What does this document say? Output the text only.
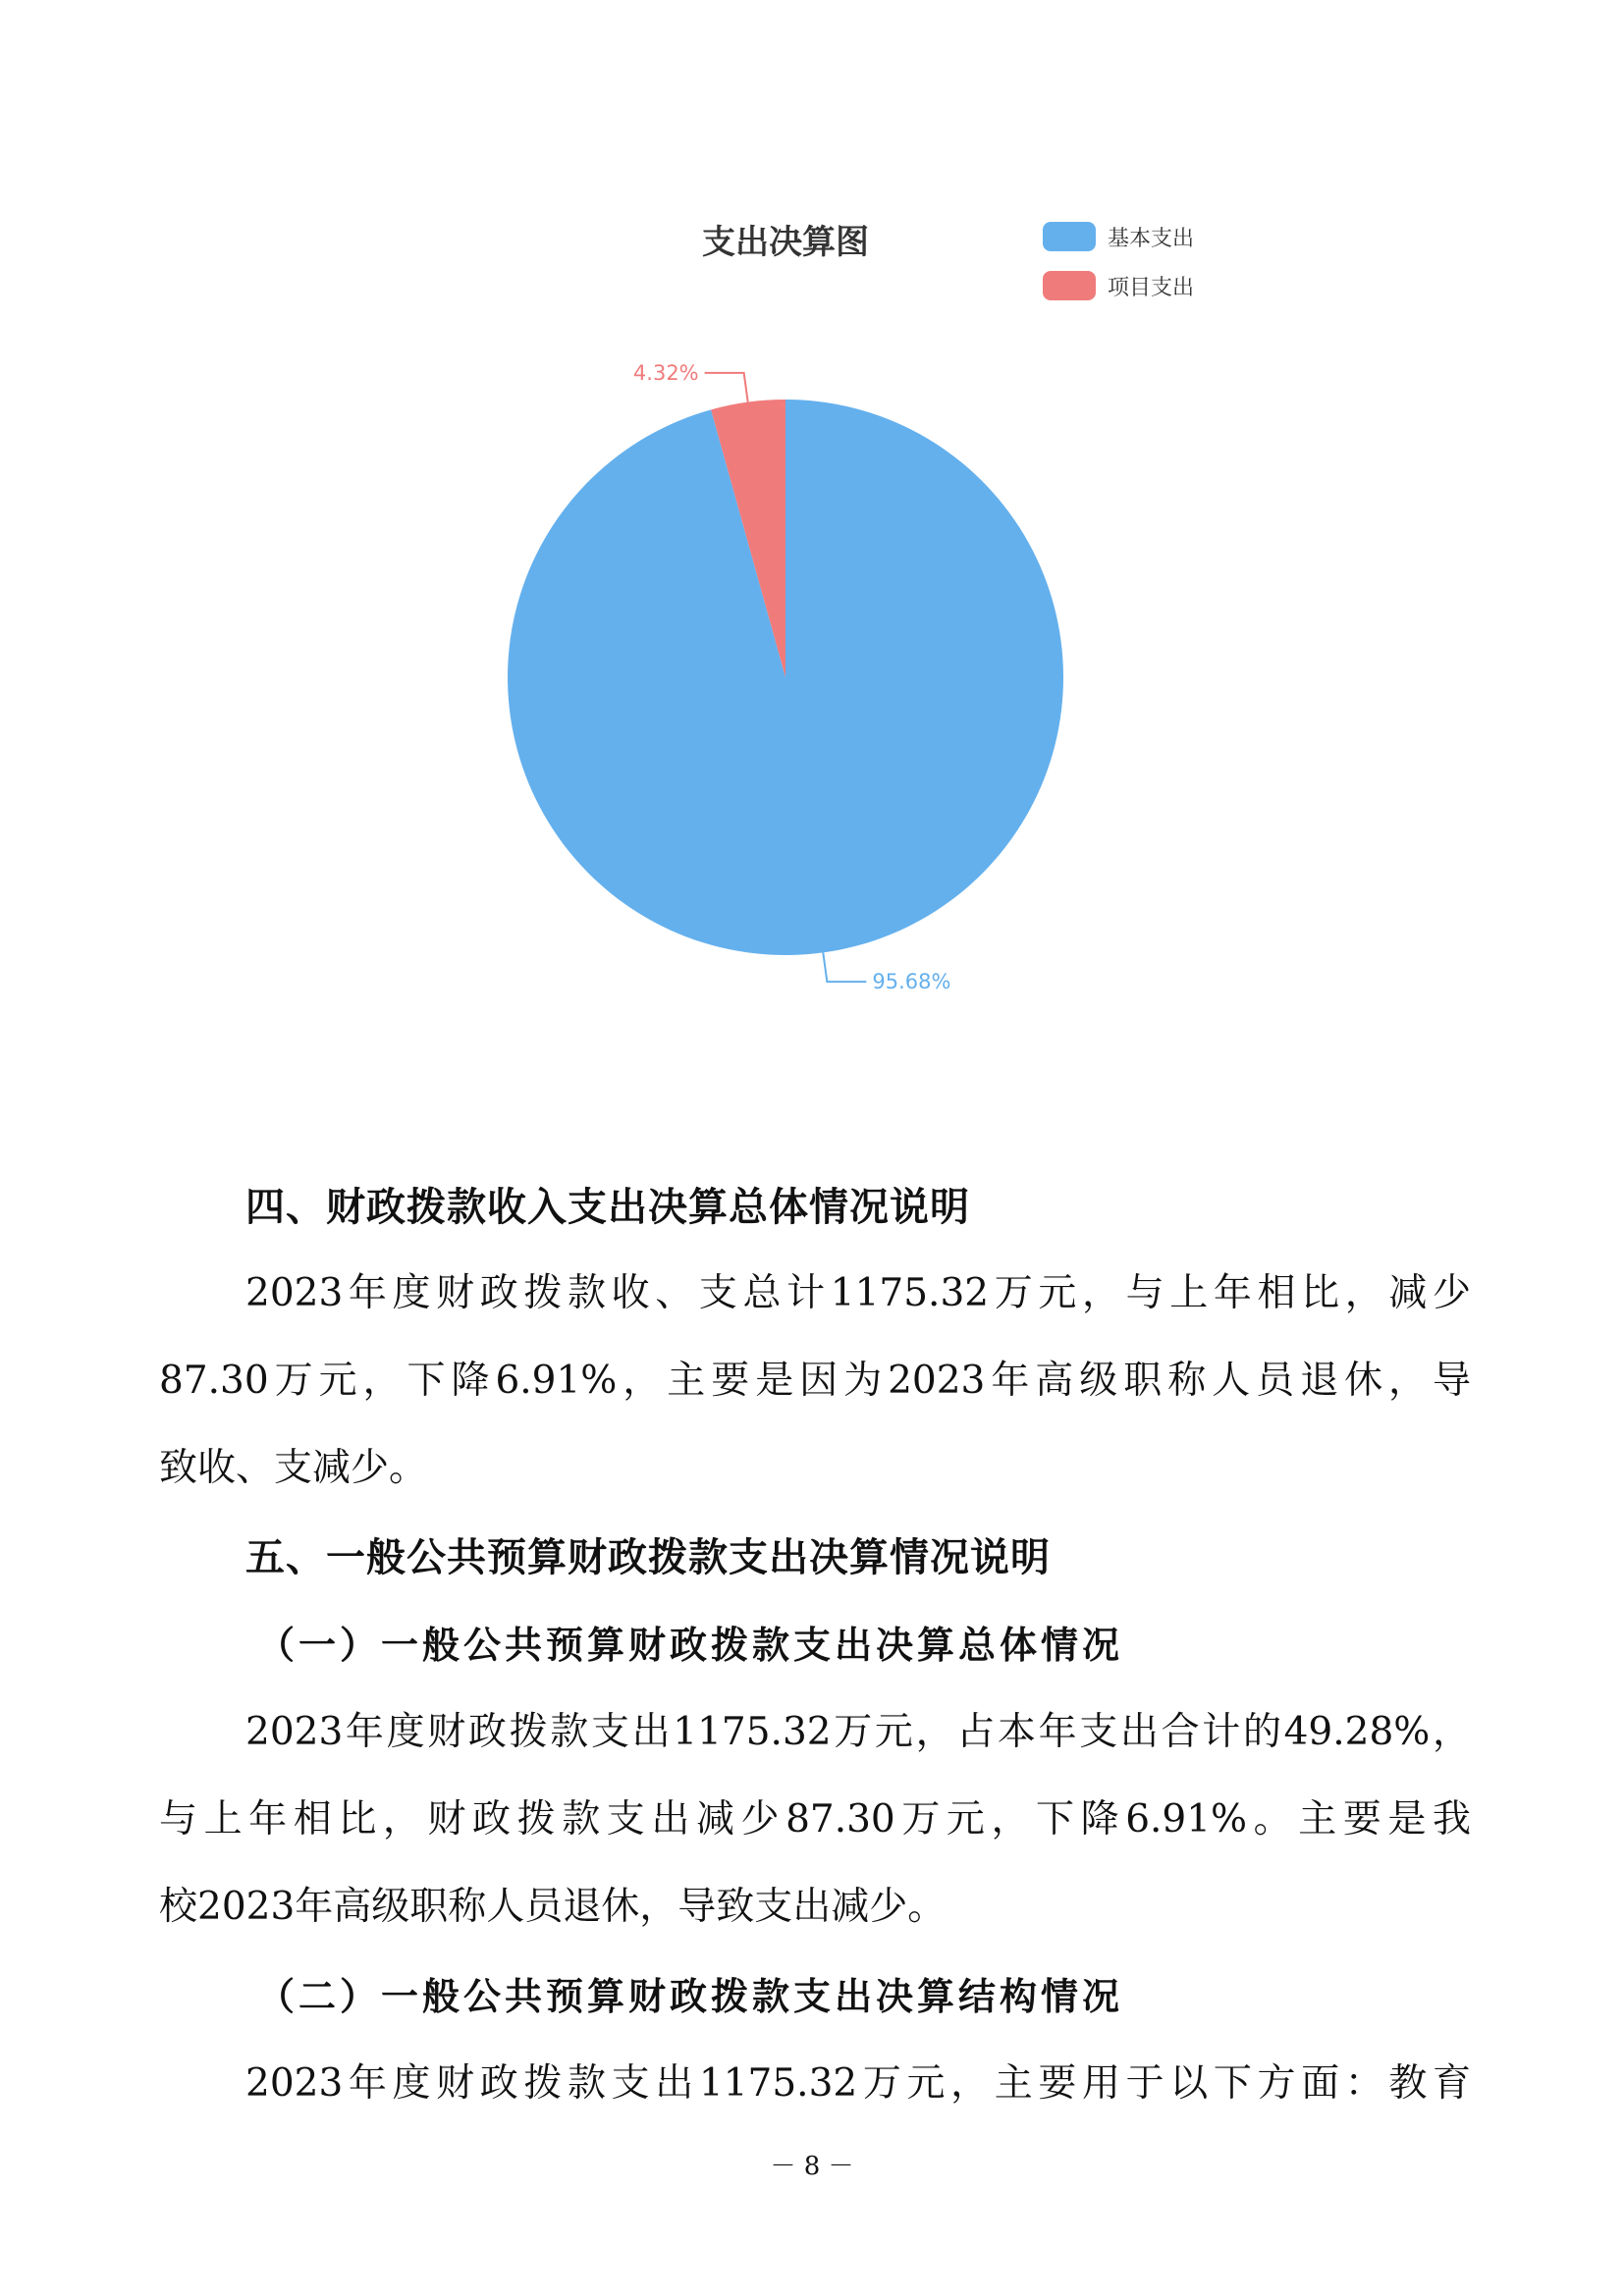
支出决算图	基本支出
项目支出
95.68%
4.32%
四、财政拨款收入支出决算总体情况说明

2023年度财政拨款收、支总计1175.32万元，与上年相比，减少

87.30万元，下降6.91%，主要是因为2023年高级职称人员退休，导

致收、支减少。

五、一般公共预算财政拨款支出决算情况说明
（一）一般公共预算财政拨款支出决算总体情况

2023年度财政拨款支出1175.32万元，占本年支出合计的49.28%，

与上年相比，财政拨款支出减少87.30万元，下降6.91%。主要是我

校2023年高级职称人员退休，导致支出减少。

（二）一般公共预算财政拨款支出决算结构情况

2023年度财政拨款支出1175.32万元，主要用于以下方面：教育

－ 8 －
